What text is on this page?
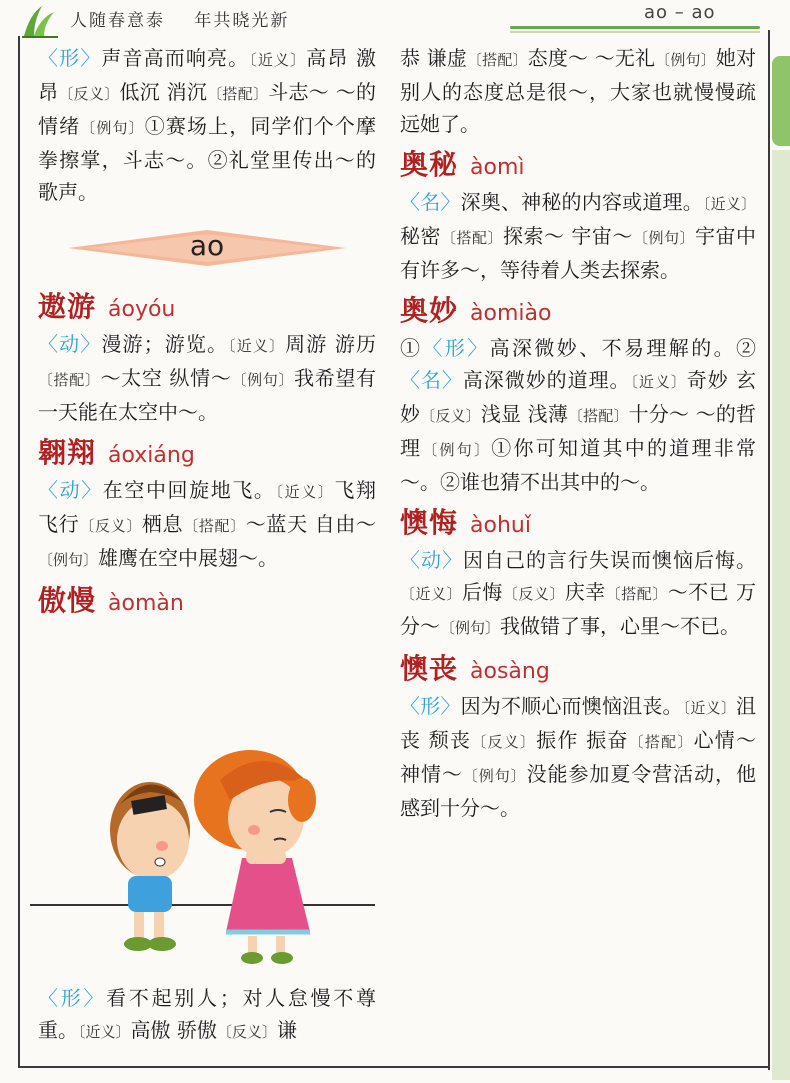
人随春意泰 年共晓光新	ao – ao
〈形〉声音高而响亮。〔近义〕高昂 激昂〔反义〕低沉 消沉〔搭配〕斗志～ ～的情绪〔例句〕①赛场上，同学们个个摩拳擦掌，斗志～。②礼堂里传出～的歌声。
ao
遨游 áoyóu
〈动〉漫游；游览。〔近义〕周游 游历〔搭配〕～太空 纵情～〔例句〕我希望有一天能在太空中～。
翱翔 áoxiáng
〈动〉在空中回旋地飞。〔近义〕飞翔 飞行〔反义〕栖息〔搭配〕～蓝天 自由～〔例句〕雄鹰在空中展翅～。
傲慢 àomàn
〈形〉看不起别人；对人怠慢不尊重。〔近义〕高傲 骄傲〔反义〕谦
恭 谦虚〔搭配〕态度～ ～无礼〔例句〕她对别人的态度总是很～，大家也就慢慢疏远她了。
奥秘 àomì
〈名〉深奥、神秘的内容或道理。〔近义〕秘密〔搭配〕探索～ 宇宙～〔例句〕宇宙中有许多～，等待着人类去探索。
奥妙 àomiào
①〈形〉高深微妙、不易理解的。②〈名〉高深微妙的道理。〔近义〕奇妙 玄妙〔反义〕浅显 浅薄〔搭配〕十分～ ～的哲理〔例句〕①你可知道其中的道理非常～。②谁也猜不出其中的～。
懊悔 àohuǐ
〈动〉因自己的言行失误而懊恼后悔。〔近义〕后悔〔反义〕庆幸〔搭配〕～不已 万分～〔例句〕我做错了事，心里～不已。
懊丧 àosàng
〈形〉因为不顺心而懊恼沮丧。〔近义〕沮丧 颓丧〔反义〕振作 振奋〔搭配〕心情～ 神情～〔例句〕没能参加夏令营活动，他感到十分～。
